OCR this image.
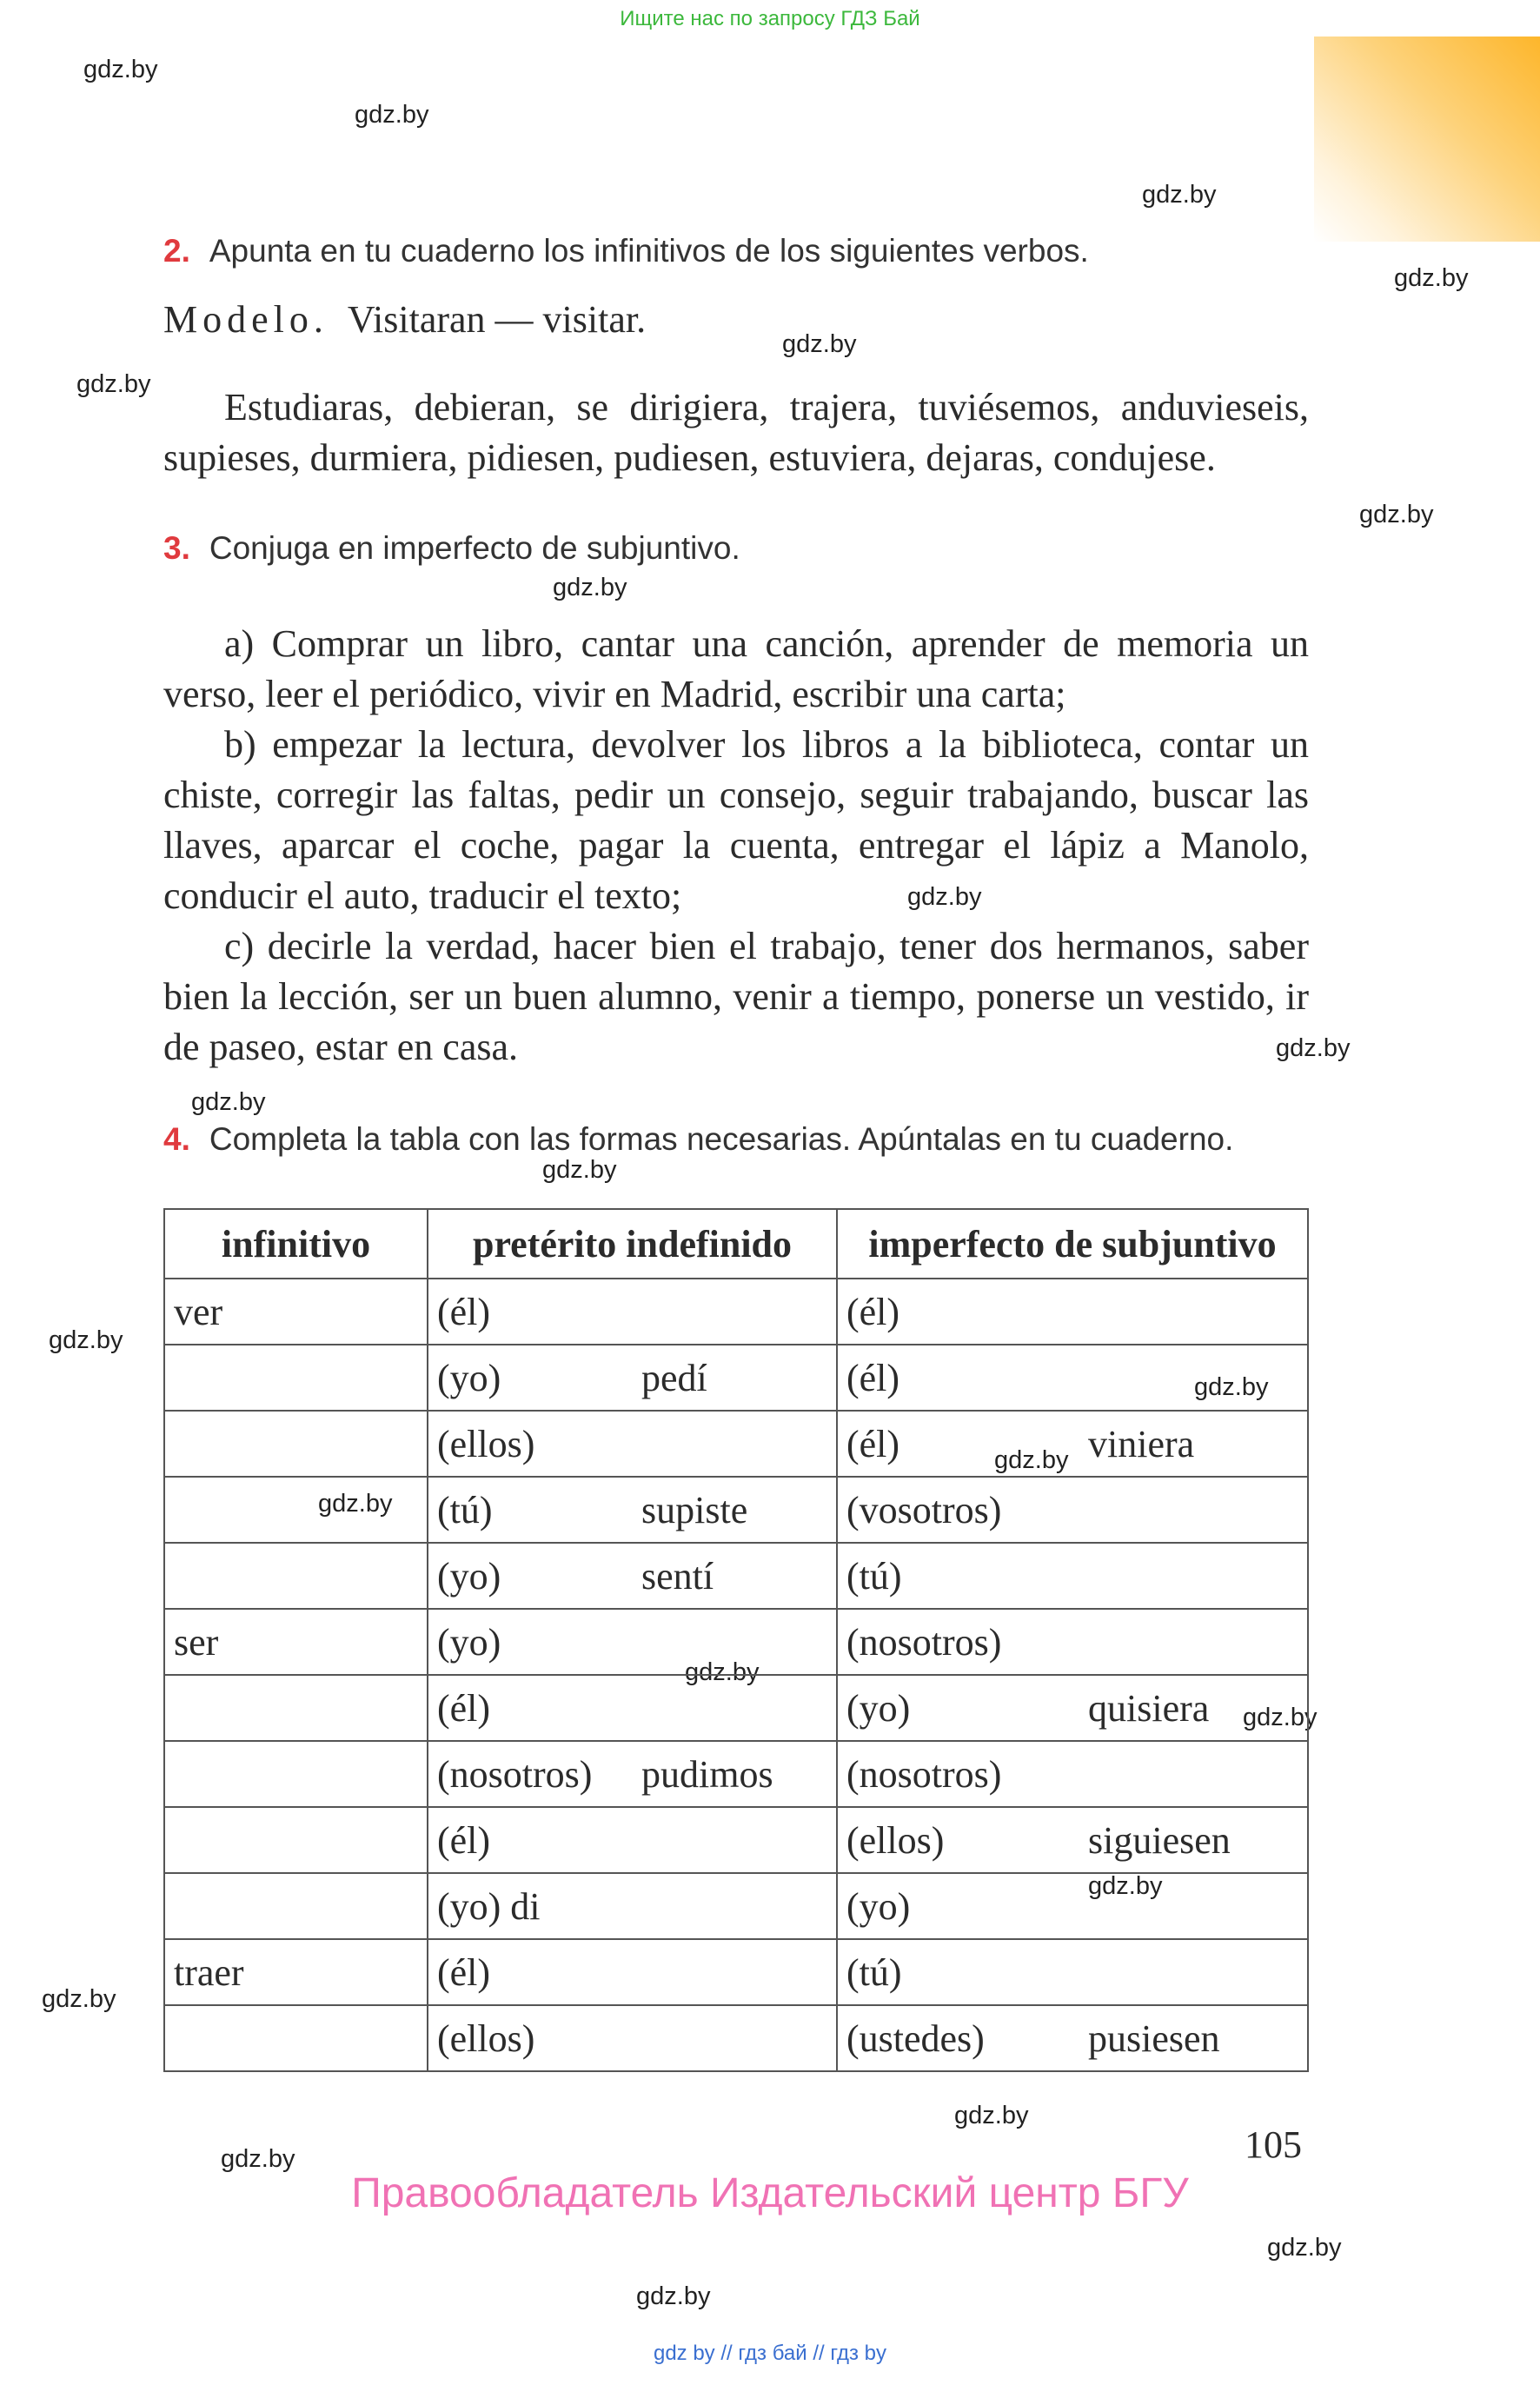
Ищите нас по запросу ГДЗ Бай
gdz.by
gdz.by
gdz.by
gdz.by
gdz.by
gdz.by
gdz.by
gdz.by
gdz.by
gdz.by
gdz.by
gdz.by
gdz.by
gdz.by
gdz.by
gdz.by
gdz.by
gdz.by
gdz.by
gdz.by
gdz.by
gdz.by
gdz.by
gdz.by
2. Apunta en tu cuaderno los infinitivos de los siguientes verbos.
Modelo. Visitaran — visitar.

Estudiaras, debieran, se dirigiera, trajera, tuviésemos, anduvieseis, supieses, durmiera, pidiesen, pudiesen, estuviera, dejaras, condujese.

3. Conjuga en imperfecto de subjuntivo.

a) Comprar un libro, cantar una canción, aprender de memoria un verso, leer el periódico, vivir en Madrid, escribir una carta;

b) empezar la lectura, devolver los libros a la biblioteca, contar un chiste, corregir las faltas, pedir un consejo, seguir trabajando, buscar las llaves, aparcar el coche, pagar la cuenta, entregar el lápiz a Manolo, conducir el auto, traducir el texto;

c) decirle la verdad, hacer bien el trabajo, tener dos hermanos, saber bien la lección, ser un buen alumno, venir a tiempo, ponerse un vestido, ir de paseo, estar en casa.

4. Completa la tabla con las formas necesarias. Apúntalas en tu cuaderno.
infinitivo	pretérito indefinido	imperfecto de subjuntivo
ver	(él)	(él)

	(yo) pedí	(él)

	(ellos)	(él) viniera

	(tú) supiste	(vosotros)

	(yo) sentí	(tú)

ser	(yo)	(nosotros)

	(él)	(yo) quisiera

	(nosotros) pudimos	(nosotros)

	(él)	(ellos) siguiesen

	(yo) di	(yo)

traer	(él)	(tú)

	(ellos)	(ustedes) pusiesen
105
Правообладатель Издательский центр БГУ
gdz by // гдз бай // гдз by
